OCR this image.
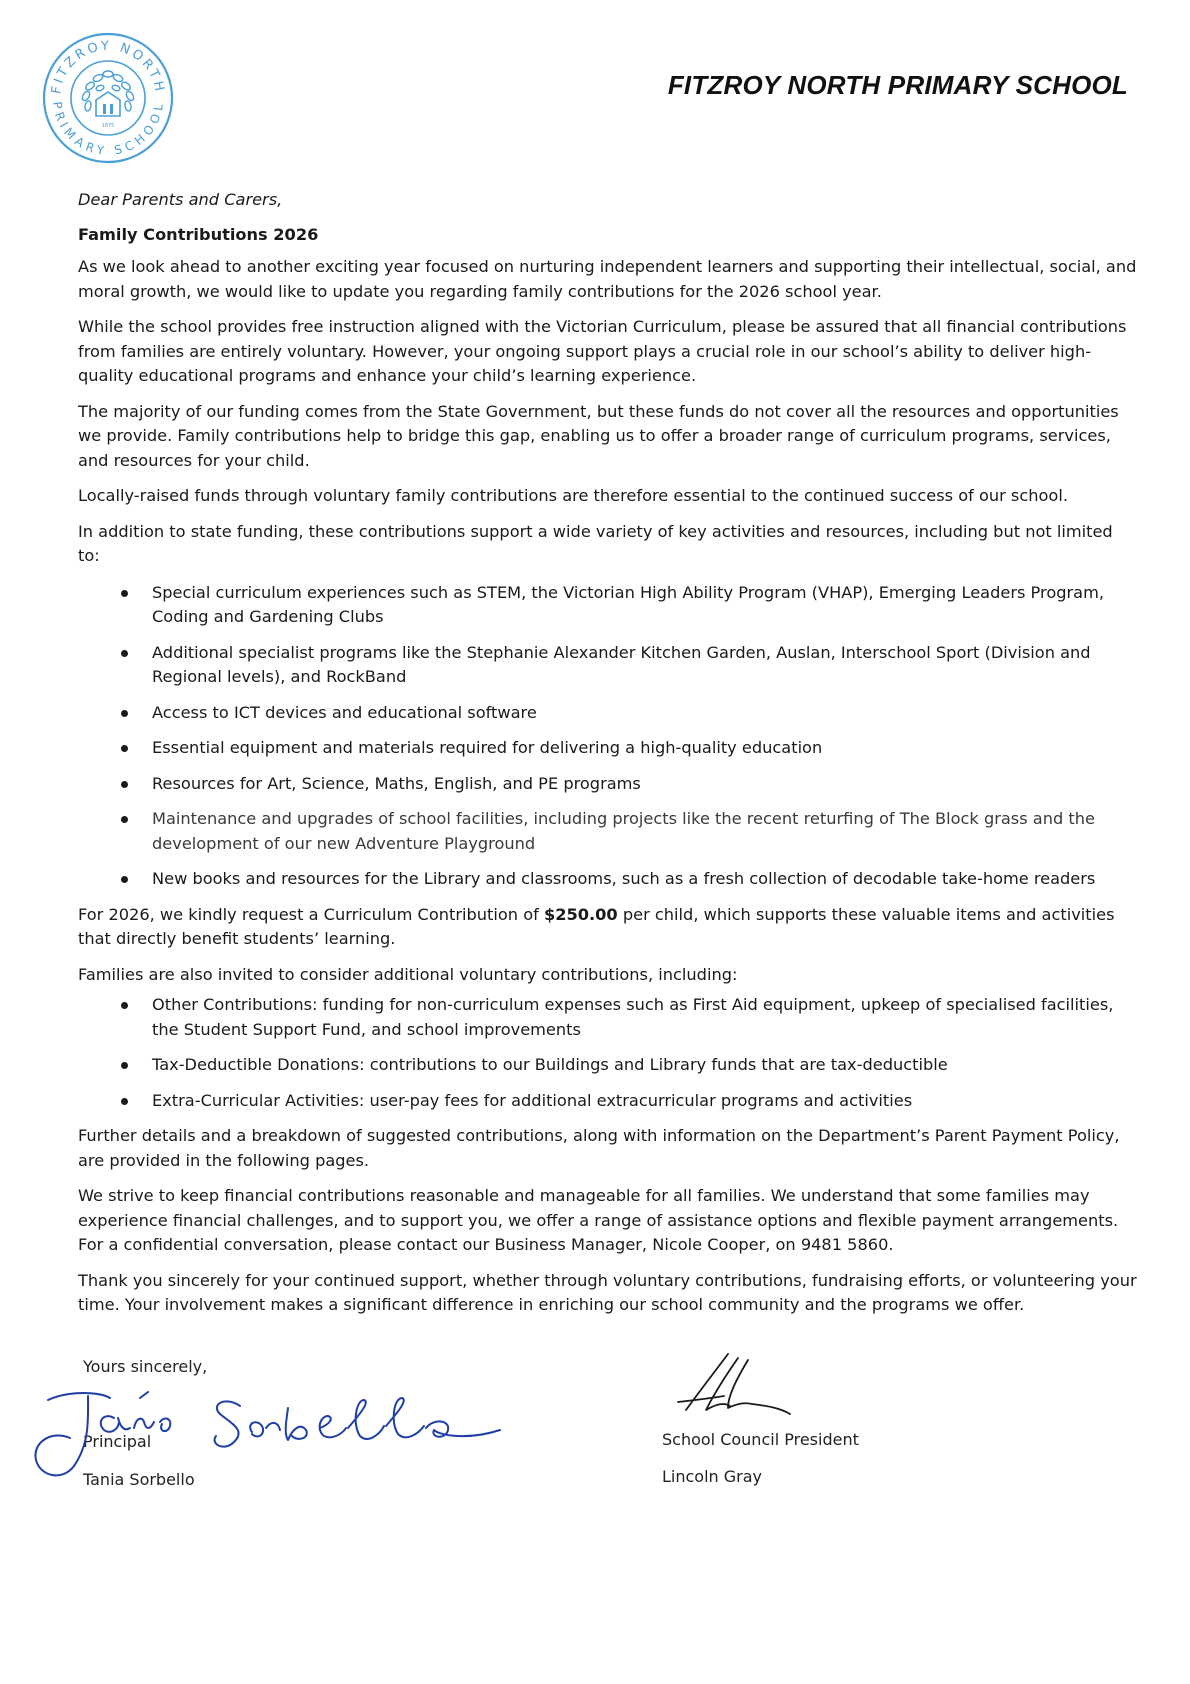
FITZROY NORTH
PRIMARY SCHOOL
1875
FITZROY NORTH PRIMARY SCHOOL

Dear Parents and Carers,

Family Contributions 2026

As we look ahead to another exciting year focused on nurturing independent learners and supporting their intellectual, social, and moral growth, we would like to update you regarding family contributions for the 2026 school year.

While the school provides free instruction aligned with the Victorian Curriculum, please be assured that all financial contributions from families are entirely voluntary. However, your ongoing support plays a crucial role in our school’s ability to deliver high-quality educational programs and enhance your child’s learning experience.

The majority of our funding comes from the State Government, but these funds do not cover all the resources and opportunities we provide. Family contributions help to bridge this gap, enabling us to offer a broader range of curriculum programs, services, and resources for your child.

Locally-raised funds through voluntary family contributions are therefore essential to the continued success of our school.

In addition to state funding, these contributions support a wide variety of key activities and resources, including but not limited to:

Special curriculum experiences such as STEM, the Victorian High Ability Program (VHAP), Emerging Leaders Program, Coding and Gardening Clubs
Additional specialist programs like the Stephanie Alexander Kitchen Garden, Auslan, Interschool Sport (Division and Regional levels), and RockBand
Access to ICT devices and educational software
Essential equipment and materials required for delivering a high-quality education
Resources for Art, Science, Maths, English, and PE programs
Maintenance and upgrades of school facilities, including projects like the recent returfing of The Block grass and the development of our new Adventure Playground
New books and resources for the Library and classrooms, such as a fresh collection of decodable take-home readers

For 2026, we kindly request a Curriculum Contribution of $250.00 per child, which supports these valuable items and activities that directly benefit students’ learning.

Families are also invited to consider additional voluntary contributions, including:

Other Contributions: funding for non-curriculum expenses such as First Aid equipment, upkeep of specialised facilities, the Student Support Fund, and school improvements
Tax-Deductible Donations: contributions to our Buildings and Library funds that are tax-deductible
Extra-Curricular Activities: user-pay fees for additional extracurricular programs and activities

Further details and a breakdown of suggested contributions, along with information on the Department’s Parent Payment Policy, are provided in the following pages.

We strive to keep financial contributions reasonable and manageable for all families. We understand that some families may experience financial challenges, and to support you, we offer a range of assistance options and flexible payment arrangements. For a confidential conversation, please contact our Business Manager, Nicole Cooper, on 9481 5860.

Thank you sincerely for your continued support, whether through voluntary contributions, fundraising efforts, or volunteering your time. Your involvement makes a significant difference in enriching our school community and the programs we offer.

Yours sincerely,
Principal
Tania Sorbello
School Council President
Lincoln Gray
